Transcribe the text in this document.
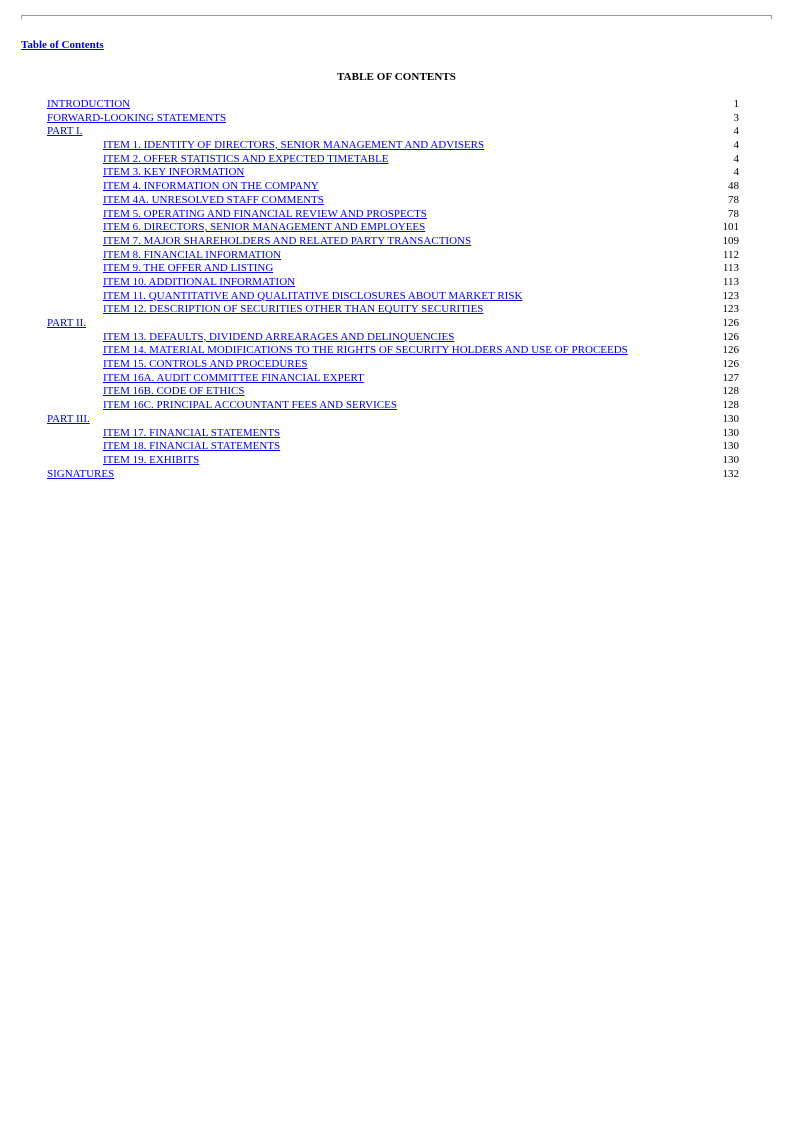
Table of Contents
TABLE OF CONTENTS
INTRODUCTION	1
FORWARD-LOOKING STATEMENTS	3
PART I.	4
ITEM 1. IDENTITY OF DIRECTORS, SENIOR MANAGEMENT AND ADVISERS	4
ITEM 2. OFFER STATISTICS AND EXPECTED TIMETABLE	4
ITEM 3. KEY INFORMATION	4
ITEM 4. INFORMATION ON THE COMPANY	48
ITEM 4A. UNRESOLVED STAFF COMMENTS	78
ITEM 5. OPERATING AND FINANCIAL REVIEW AND PROSPECTS	78
ITEM 6. DIRECTORS, SENIOR MANAGEMENT AND EMPLOYEES	101
ITEM 7. MAJOR SHAREHOLDERS AND RELATED PARTY TRANSACTIONS	109
ITEM 8. FINANCIAL INFORMATION	112
ITEM 9. THE OFFER AND LISTING	113
ITEM 10. ADDITIONAL INFORMATION	113
ITEM 11. QUANTITATIVE AND QUALITATIVE DISCLOSURES ABOUT MARKET RISK	123
ITEM 12. DESCRIPTION OF SECURITIES OTHER THAN EQUITY SECURITIES	123
PART II.	126
ITEM 13. DEFAULTS, DIVIDEND ARREARAGES AND DELINQUENCIES	126
ITEM 14. MATERIAL MODIFICATIONS TO THE RIGHTS OF SECURITY HOLDERS AND USE OF PROCEEDS	126
ITEM 15. CONTROLS AND PROCEDURES	126
ITEM 16A. AUDIT COMMITTEE FINANCIAL EXPERT	127
ITEM 16B. CODE OF ETHICS	128
ITEM 16C. PRINCIPAL ACCOUNTANT FEES AND SERVICES	128
PART III.	130
ITEM 17. FINANCIAL STATEMENTS	130
ITEM 18. FINANCIAL STATEMENTS	130
ITEM 19. EXHIBITS	130
SIGNATURES	132
